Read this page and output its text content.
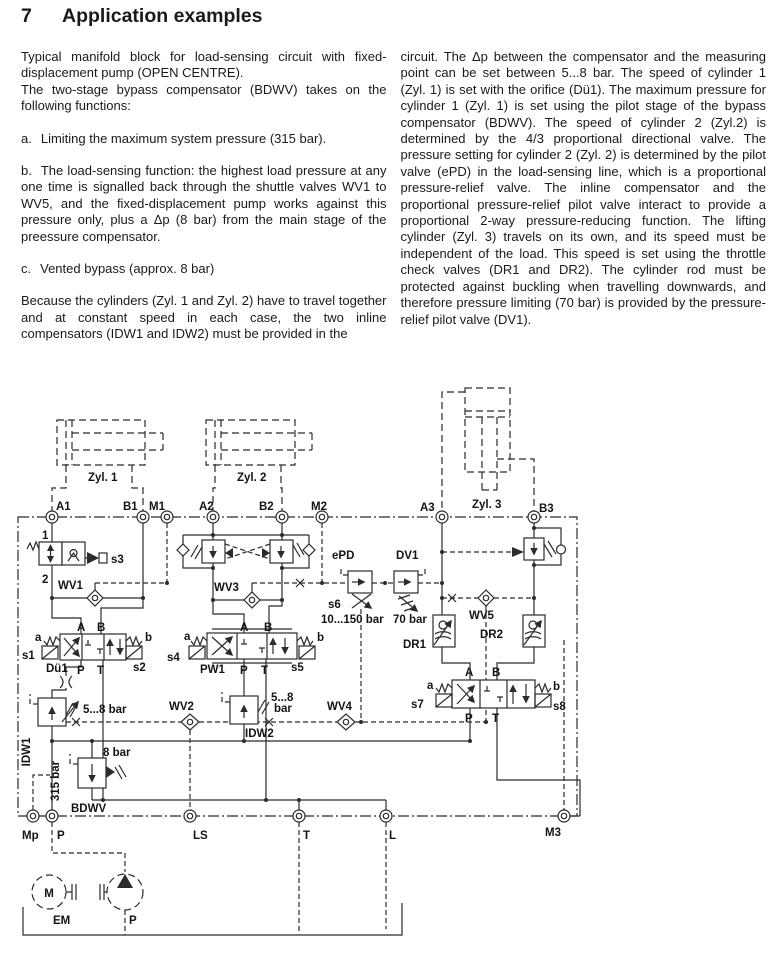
7 Application examples

Typical manifold block for load-sensing circuit with fixed-displacement pump (OPEN CENTRE).

The two-stage bypass compensator (BDWV) takes on the following functions:

a. Limiting the maximum system pressure (315 bar).

b. The load-sensing function: the highest load pressure at any one time is signalled back through the shuttle valves WV1 to WV5, and the fixed-displacement pump works against this pressure only, plus a Δp (8 bar) from the main stage of the preessure compensator.

c. Vented bypass (approx. 8 bar)

Because the cylinders (Zyl. 1 and Zyl. 2) have to travel together and at constant speed in each case, the two inline compensators (IDW1 and IDW2) must be provided in the

circuit. The Δp between the compensator and the measuring point can be set between 5...8 bar. The speed of cylinder 1 (Zyl. 1) is set with the orifice (Dü1). The maximum pressure for cylinder 1 (Zyl. 1) is set using the pilot stage of the bypass compensator (BDWV). The speed of cylinder 2 (Zyl.2) is determined by the 4/3 proportional directional valve. The pressure setting for cylinder 2 (Zyl. 2) is determined by the pilot valve (ePD) in the load-sensing line, which is a proportional pressure-relief valve. The inline compensator and the proportional pressure-relief pilot valve interact to provide a proportional 2-way pressure-reducing function. The lifting cylinder (Zyl. 3) travels on its own, and its speed must be independent of the load. This speed is set using the throttle check valves (DR1 and DR2). The cylinder rod must be protected against buckling when travelling downwards, and therefore pressure limiting (70 bar) is provided by the pressure-relief pilot valve (DV1).

Zyl. 1	Zyl. 2
Zyl. 3
1
2
s3
WV1
a	b
s1
s2
A B
P T
Dü1
WV2	WV4
5...8 bar
IDW1
WV3
a	b
s4
s5
A B
P T
PW1
5...8
bar
IDW2
8 bar
315 bar
BDWV
ePD
s6
10...150 bar
DV1
70 bar	WV5
DR1
DR2
a	b
s7	s8
A B
P T
M
EM	P
A1	B1 M1	A2	B2	M2	A3	B3
Mp P	LS	T	L	M3
